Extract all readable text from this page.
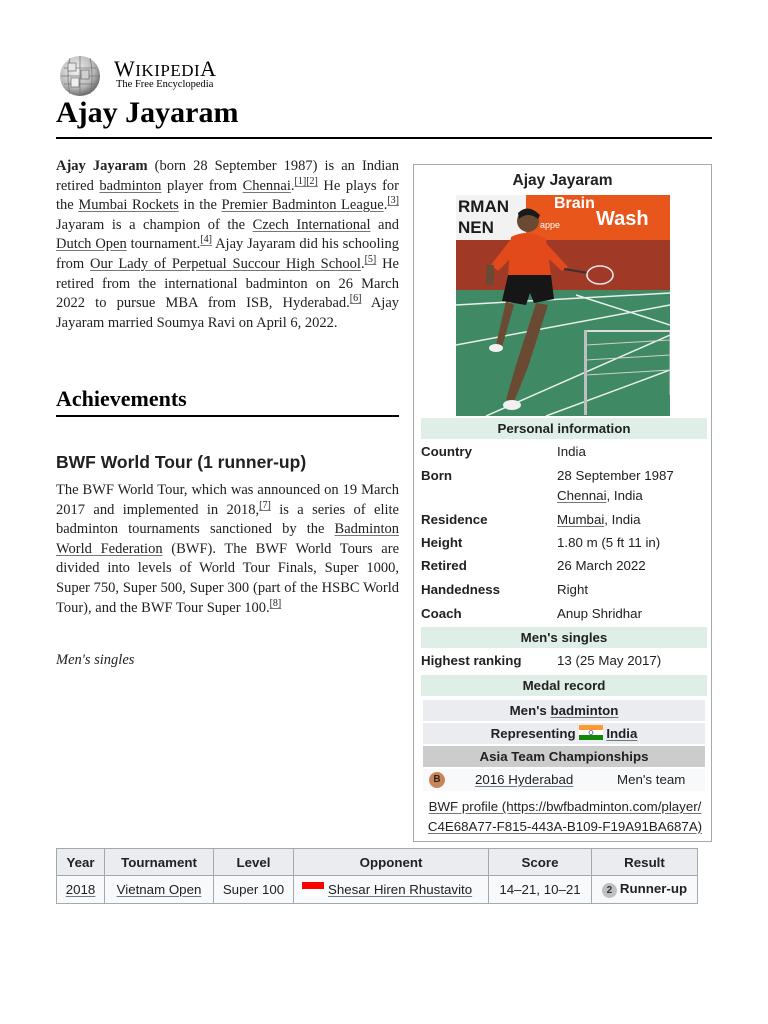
WIKIPEDIA
The Free Encyclopedia
Ajay Jayaram

Ajay Jayaram (born 28 September 1987) is an Indian retired badminton player from Chennai.[1][2] He plays for the Mumbai Rockets in the Premier Badminton League.[3] Jayaram is a champion of the Czech International and Dutch Open tournament.[4] Ajay Jayaram did his schooling from Our Lady of Perpetual Succour High School.[5] He retired from the international badminton on 26 March 2022 to pursue MBA from ISB, Hyderabad.[6] Ajay Jayaram married Soumya Ravi on April 6, 2022.

Achievements
BWF World Tour (1 runner-up)

The BWF World Tour, which was announced on 19 March 2017 and implemented in 2018,[7] is a series of elite badminton tournaments sanctioned by the Badminton World Federation (BWF). The BWF World Tours are divided into levels of World Tour Finals, Super 1000, Super 750, Super 500, Super 300 (part of the HSBC World Tour), and the BWF Tour Super 100.[8]

Men's singles

Ajay Jayaram
RMAN
NEN
Brain
Wash
appe
Personal information
Country	India
Born	28 September 1987
Chennai, India
Residence	Mumbai, India
Height	1.80 m (5 ft 11 in)
Retired	26 March 2022
Handedness	Right
Coach	Anup Shridhar
Men's singles
Highest ranking	13 (25 May 2017)
Medal record
Men's badminton
Representing India
Asia Team Championships
B	2016 Hyderabad	Men's team
BWF profile (https://bwfbadminton.com/player/ C4E68A77-F815-443A-B109-F19A91BA687A)
Year	Tournament	Level	Opponent	Score	Result
2018	Vietnam Open	Super 100	Shesar Hiren Rhustavito	14–21, 10–21	2 Runner-up
